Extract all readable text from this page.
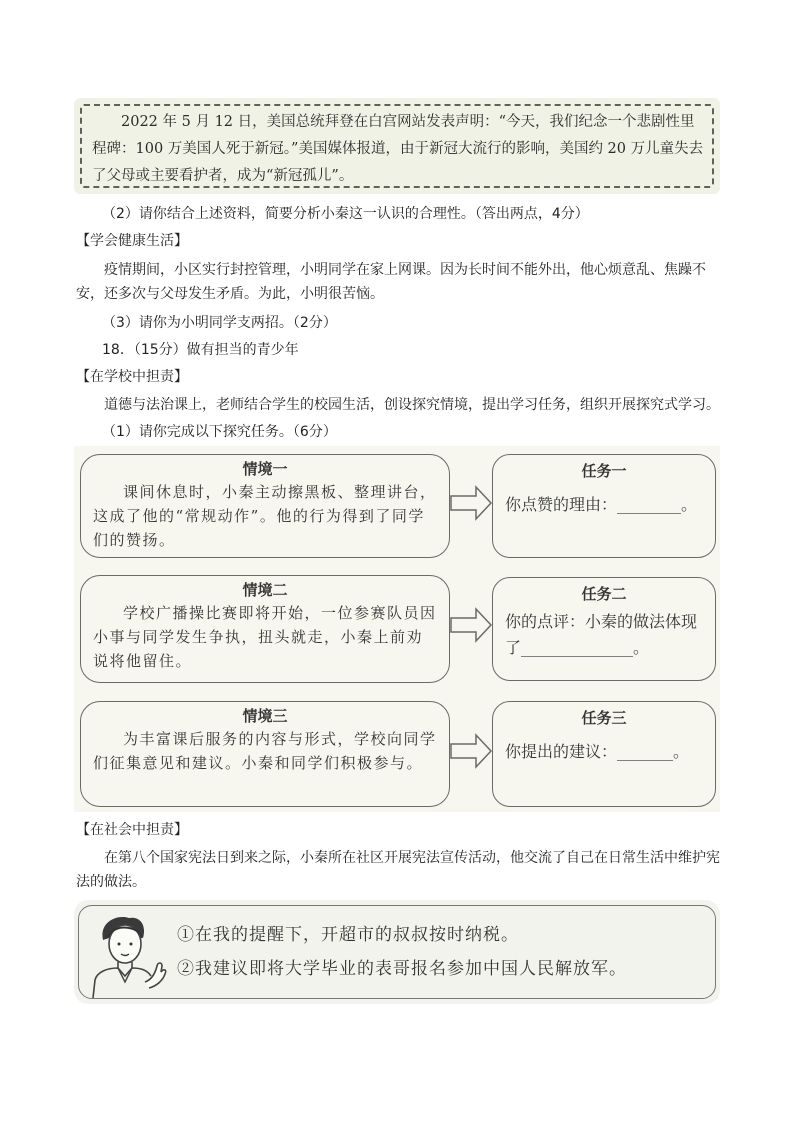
2022 年 5 月 12 日，美国总统拜登在白宫网站发表声明：“今天，我们纪念一个悲剧性里程碑：100 万美国人死于新冠。”美国媒体报道，由于新冠大流行的影响，美国约 20 万儿童失去了父母或主要看护者，成为“新冠孤儿”。
（2）请你结合上述资料，简要分析小秦这一认识的合理性。（答出两点，4分）
【学会健康生活】
疫情期间，小区实行封控管理，小明同学在家上网课。因为长时间不能外出，他心烦意乱、焦躁不安，还多次与父母发生矛盾。为此，小明很苦恼。
（3）请你为小明同学支两招。（2分）
18．（15分）做有担当的青少年
【在学校中担责】
道德与法治课上，老师结合学生的校园生活，创设探究情境，提出学习任务，组织开展探究式学习。
（1）请你完成以下探究任务。（6分）
情境一
课间休息时，小秦主动擦黑板、整理讲台，这成了他的“常规动作”。他的行为得到了同学们的赞扬。
任务一
你点赞的理由：________。
情境二
学校广播操比赛即将开始，一位参赛队员因小事与同学发生争执，扭头就走，小秦上前劝说将他留住。
任务二
你的点评：小秦的做法体现了______________。
情境三
为丰富课后服务的内容与形式，学校向同学们征集意见和建议。小秦和同学们积极参与。
任务三
你提出的建议：_______。
【在社会中担责】
在第八个国家宪法日到来之际，小秦所在社区开展宪法宣传活动，他交流了自己在日常生活中维护宪法的做法。
①在我的提醒下，开超市的叔叔按时纳税。
②我建议即将大学毕业的表哥报名参加中国人民解放军。
